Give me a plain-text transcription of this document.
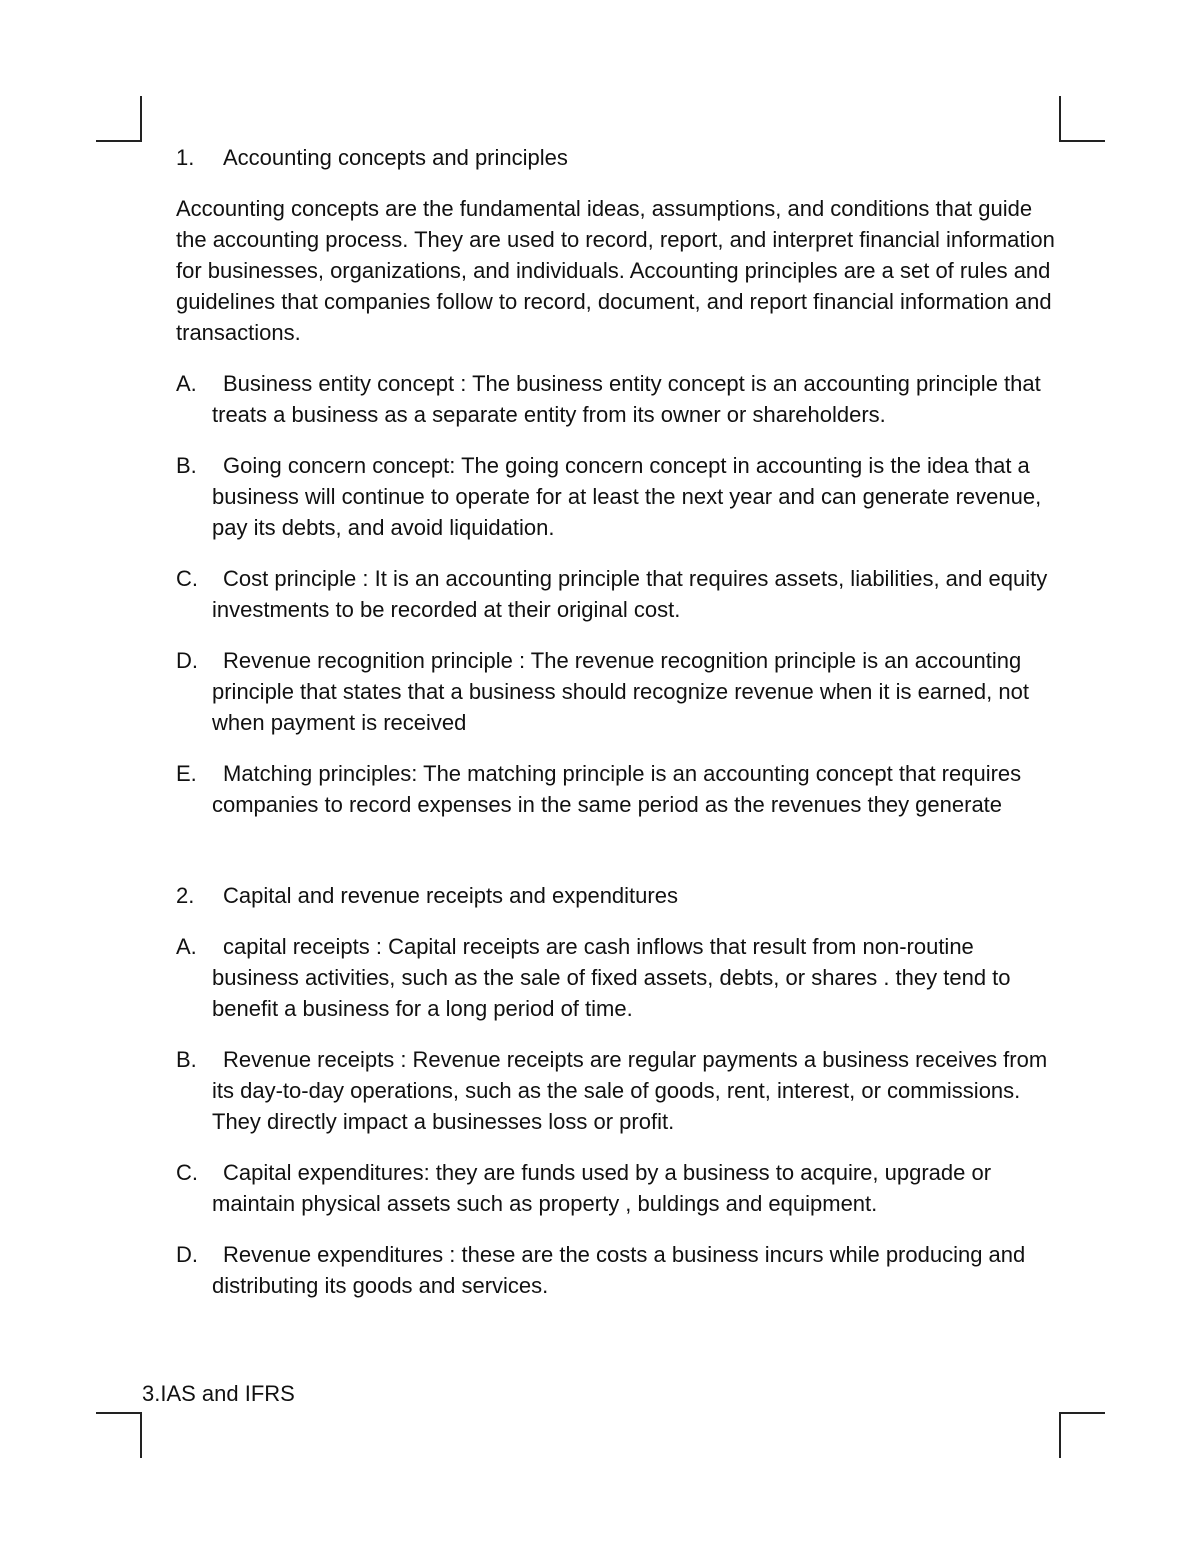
1. Accounting concepts and principles

Accounting concepts are the fundamental ideas, assumptions, and conditions that guide the accounting process. They are used to record, report, and interpret financial information for businesses, organizations, and individuals. Accounting principles are a set of rules and guidelines that companies follow to record, document, and report financial information and transactions.

A. Business entity concept : The business entity concept is an accounting principle that treats a business as a separate entity from its owner or shareholders.
B. Going concern concept: The going concern concept in accounting is the idea that a business will continue to operate for at least the next year and can generate revenue, pay its debts, and avoid liquidation.
C. Cost principle : It is an accounting principle that requires assets, liabilities, and equity investments to be recorded at their original cost.
D. Revenue recognition principle : The revenue recognition principle is an accounting principle that states that a business should recognize revenue when it is earned, not when payment is received
E. Matching principles: The matching principle is an accounting concept that requires companies to record expenses in the same period as the revenues they generate
2. Capital and revenue receipts and expenditures
A. capital receipts : Capital receipts are cash inflows that result from non-routine business activities, such as the sale of fixed assets, debts, or shares . they tend to benefit a business for a long period of time.
B. Revenue receipts : Revenue receipts are regular payments a business receives from its day-to-day operations, such as the sale of goods, rent, interest, or commissions. They directly impact a businesses loss or profit.
C. Capital expenditures: they are funds used by a business to acquire, upgrade or maintain physical assets such as property , buldings and equipment.
D. Revenue expenditures : these are the costs a business incurs while producing and distributing its goods and services.
3.IAS and IFRS
